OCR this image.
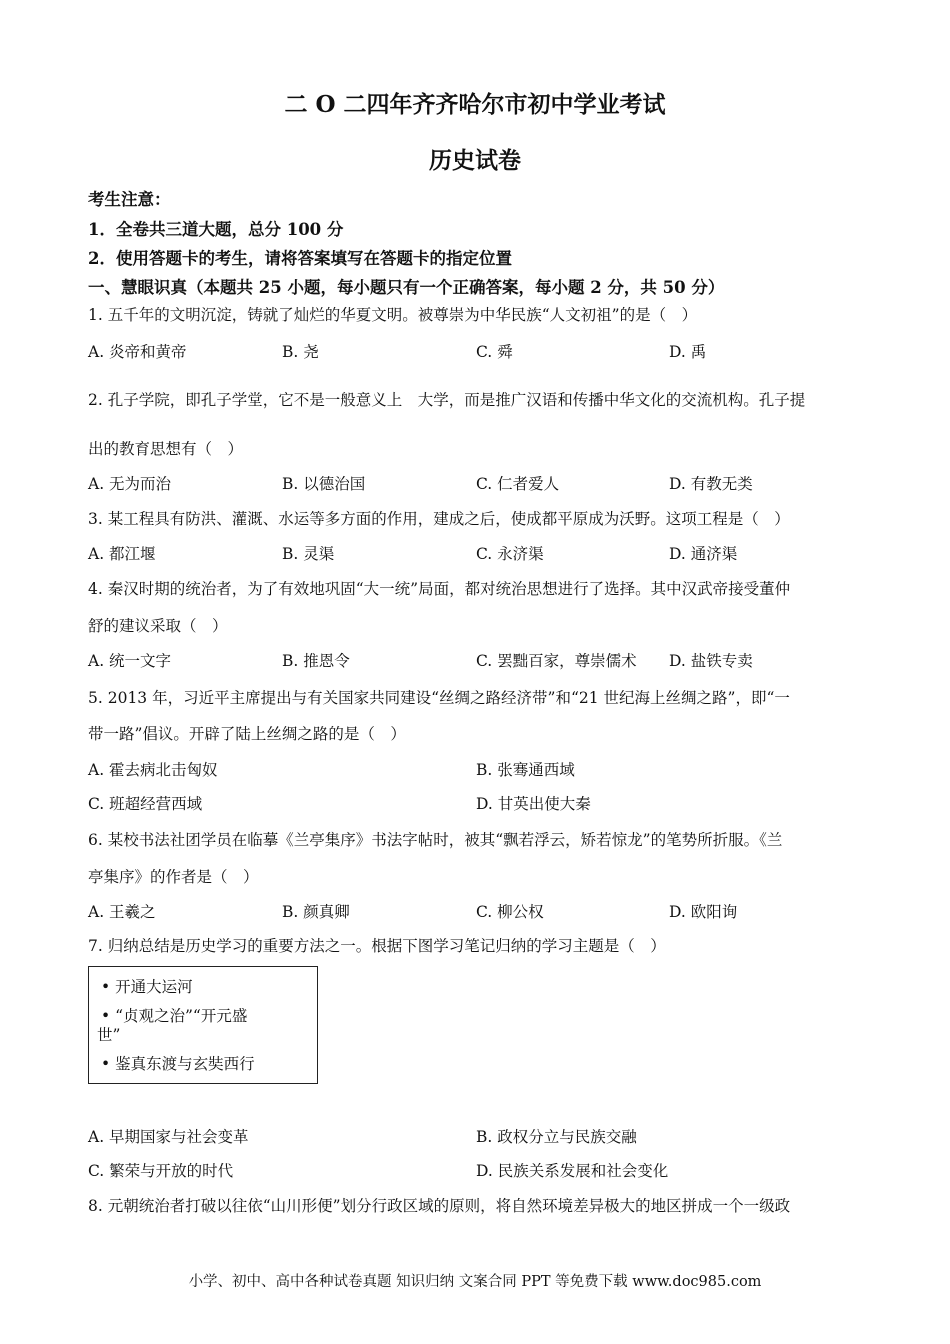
二 O 二四年齐齐哈尔市初中学业考试
历史试卷
考生注意：
1．全卷共三道大题，总分 100 分
2．使用答题卡的考生，请将答案填写在答题卡的指定位置
一、慧眼识真（本题共 25 小题，每小题只有一个正确答案，每小题 2 分，共 50 分）
1. 五千年的文明沉淀，铸就了灿烂的华夏文明。被尊崇为中华民族“人文初祖”的是（　）
A. 炎帝和黄帝	B. 尧	C. 舜	D. 禹
2. 孔子学院，即孔子学堂，它不是一般意义上　大学，而是推广汉语和传播中华文化的交流机构。孔子提
出的教育思想有（　）
A. 无为而治	B. 以德治国	C. 仁者爱人	D. 有教无类
3. 某工程具有防洪、灌溉、水运等多方面的作用，建成之后，使成都平原成为沃野。这项工程是（　）
A. 都江堰	B. 灵渠	C. 永济渠	D. 通济渠
4. 秦汉时期的统治者，为了有效地巩固“大一统”局面，都对统治思想进行了选择。其中汉武帝接受董仲
舒的建议采取（　）
A. 统一文字	B. 推恩令	C. 罢黜百家，尊崇儒术 D. 盐铁专卖
5. 2013 年，习近平主席提出与有关国家共同建设“丝绸之路经济带”和“21 世纪海上丝绸之路”，即“一
带一路”倡议。开辟了陆上丝绸之路的是（　）
A. 霍去病北击匈奴	B. 张骞通西域
C. 班超经营西域	D. 甘英出使大秦
6. 某校书法社团学员在临摹《兰亭集序》书法字帖时，被其“飘若浮云，矫若惊龙”的笔势所折服。《兰
亭集序》的作者是（　）
A. 王羲之	B. 颜真卿	C. 柳公权	D. 欧阳询
7. 归纳总结是历史学习的重要方法之一。根据下图学习笔记归纳的学习主题是（　）
• 开通大运河
• “贞观之治”“开元盛
世”
• 鉴真东渡与玄奘西行
A. 早期国家与社会变革	B. 政权分立与民族交融
C. 繁荣与开放的时代	D. 民族关系发展和社会变化
8. 元朝统治者打破以往依“山川形便”划分行政区域的原则，将自然环境差异极大的地区拼成一个一级政
小学、初中、高中各种试卷真题 知识归纳 文案合同 PPT 等免费下载 www.doc985.com
